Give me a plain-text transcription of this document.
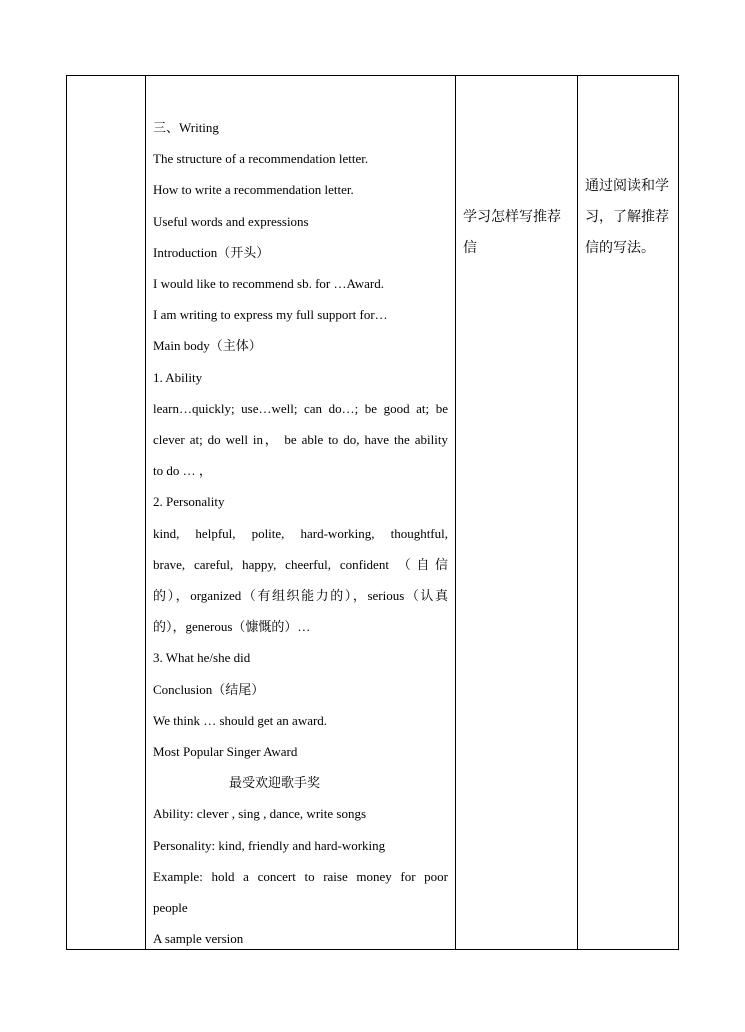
三、Writing
The structure of a recommendation letter.
How to write a recommendation letter.
Useful words and expressions
Introduction（开头）
I would like to recommend sb. for …Award.
I am writing to express my full support for…
Main body（主体）
1. Ability
learn…quickly; use…well; can do…; be good at; be
clever at; do well in， be able to do, have the ability
to do … ，
2. Personality
kind, helpful, polite, hard-working, thoughtful,
brave, careful, happy, cheerful, confident （自信
的），organized（有组织能力的），serious（认真
的），generous（慷慨的）…
3. What he/she did
Conclusion（结尾）
We think … should get an award.
Most Popular Singer Award
最受欢迎歌手奖
Ability: clever , sing , dance, write songs
Personality: kind, friendly and hard-working
Example: hold a concert to raise money for poor
people
A sample version
学习怎样写推荐信
通过阅读和学习，了解推荐信的写法。
